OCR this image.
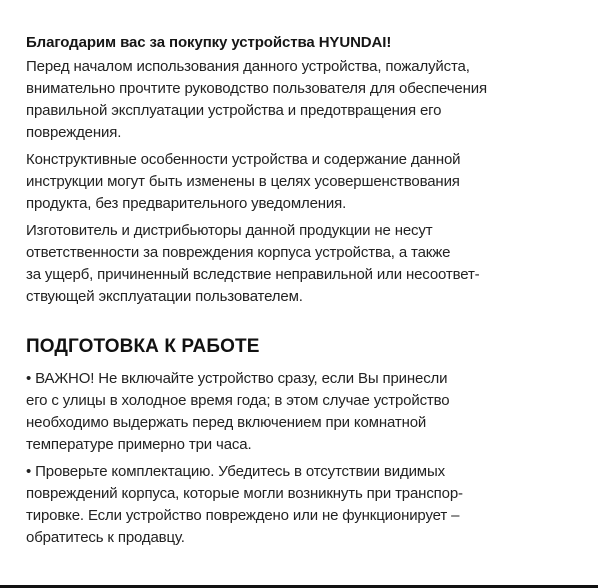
Благодарим вас за покупку устройства HYUNDAI!

Перед началом использования данного устройства, пожалуйста,
внимательно прочтите руководство пользователя для обеспечения
правильной эксплуатации устройства и предотвращения его
повреждения.

Конструктивные особенности устройства и содержание данной
инструкции могут быть изменены в целях усовершенствования
продукта, без предварительного уведомления.

Изготовитель и дистрибьюторы данной продукции не несут
ответственности за повреждения корпуса устройства, а также
за ущерб, причиненный вследствие неправильной или несоответ-
ствующей эксплуатации пользователем.

ПОДГОТОВКА К РАБОТЕ

• ВАЖНО! Не включайте устройство сразу, если Вы принесли
его с улицы в холодное время года; в этом случае устройство
необходимо выдержать перед включением при комнатной
температуре примерно три часа.

• Проверьте комплектацию. Убедитесь в отсутствии видимых
повреждений корпуса, которые могли возникнуть при транспор-
тировке. Если устройство повреждено или не функционирует –
обратитесь к продавцу.
